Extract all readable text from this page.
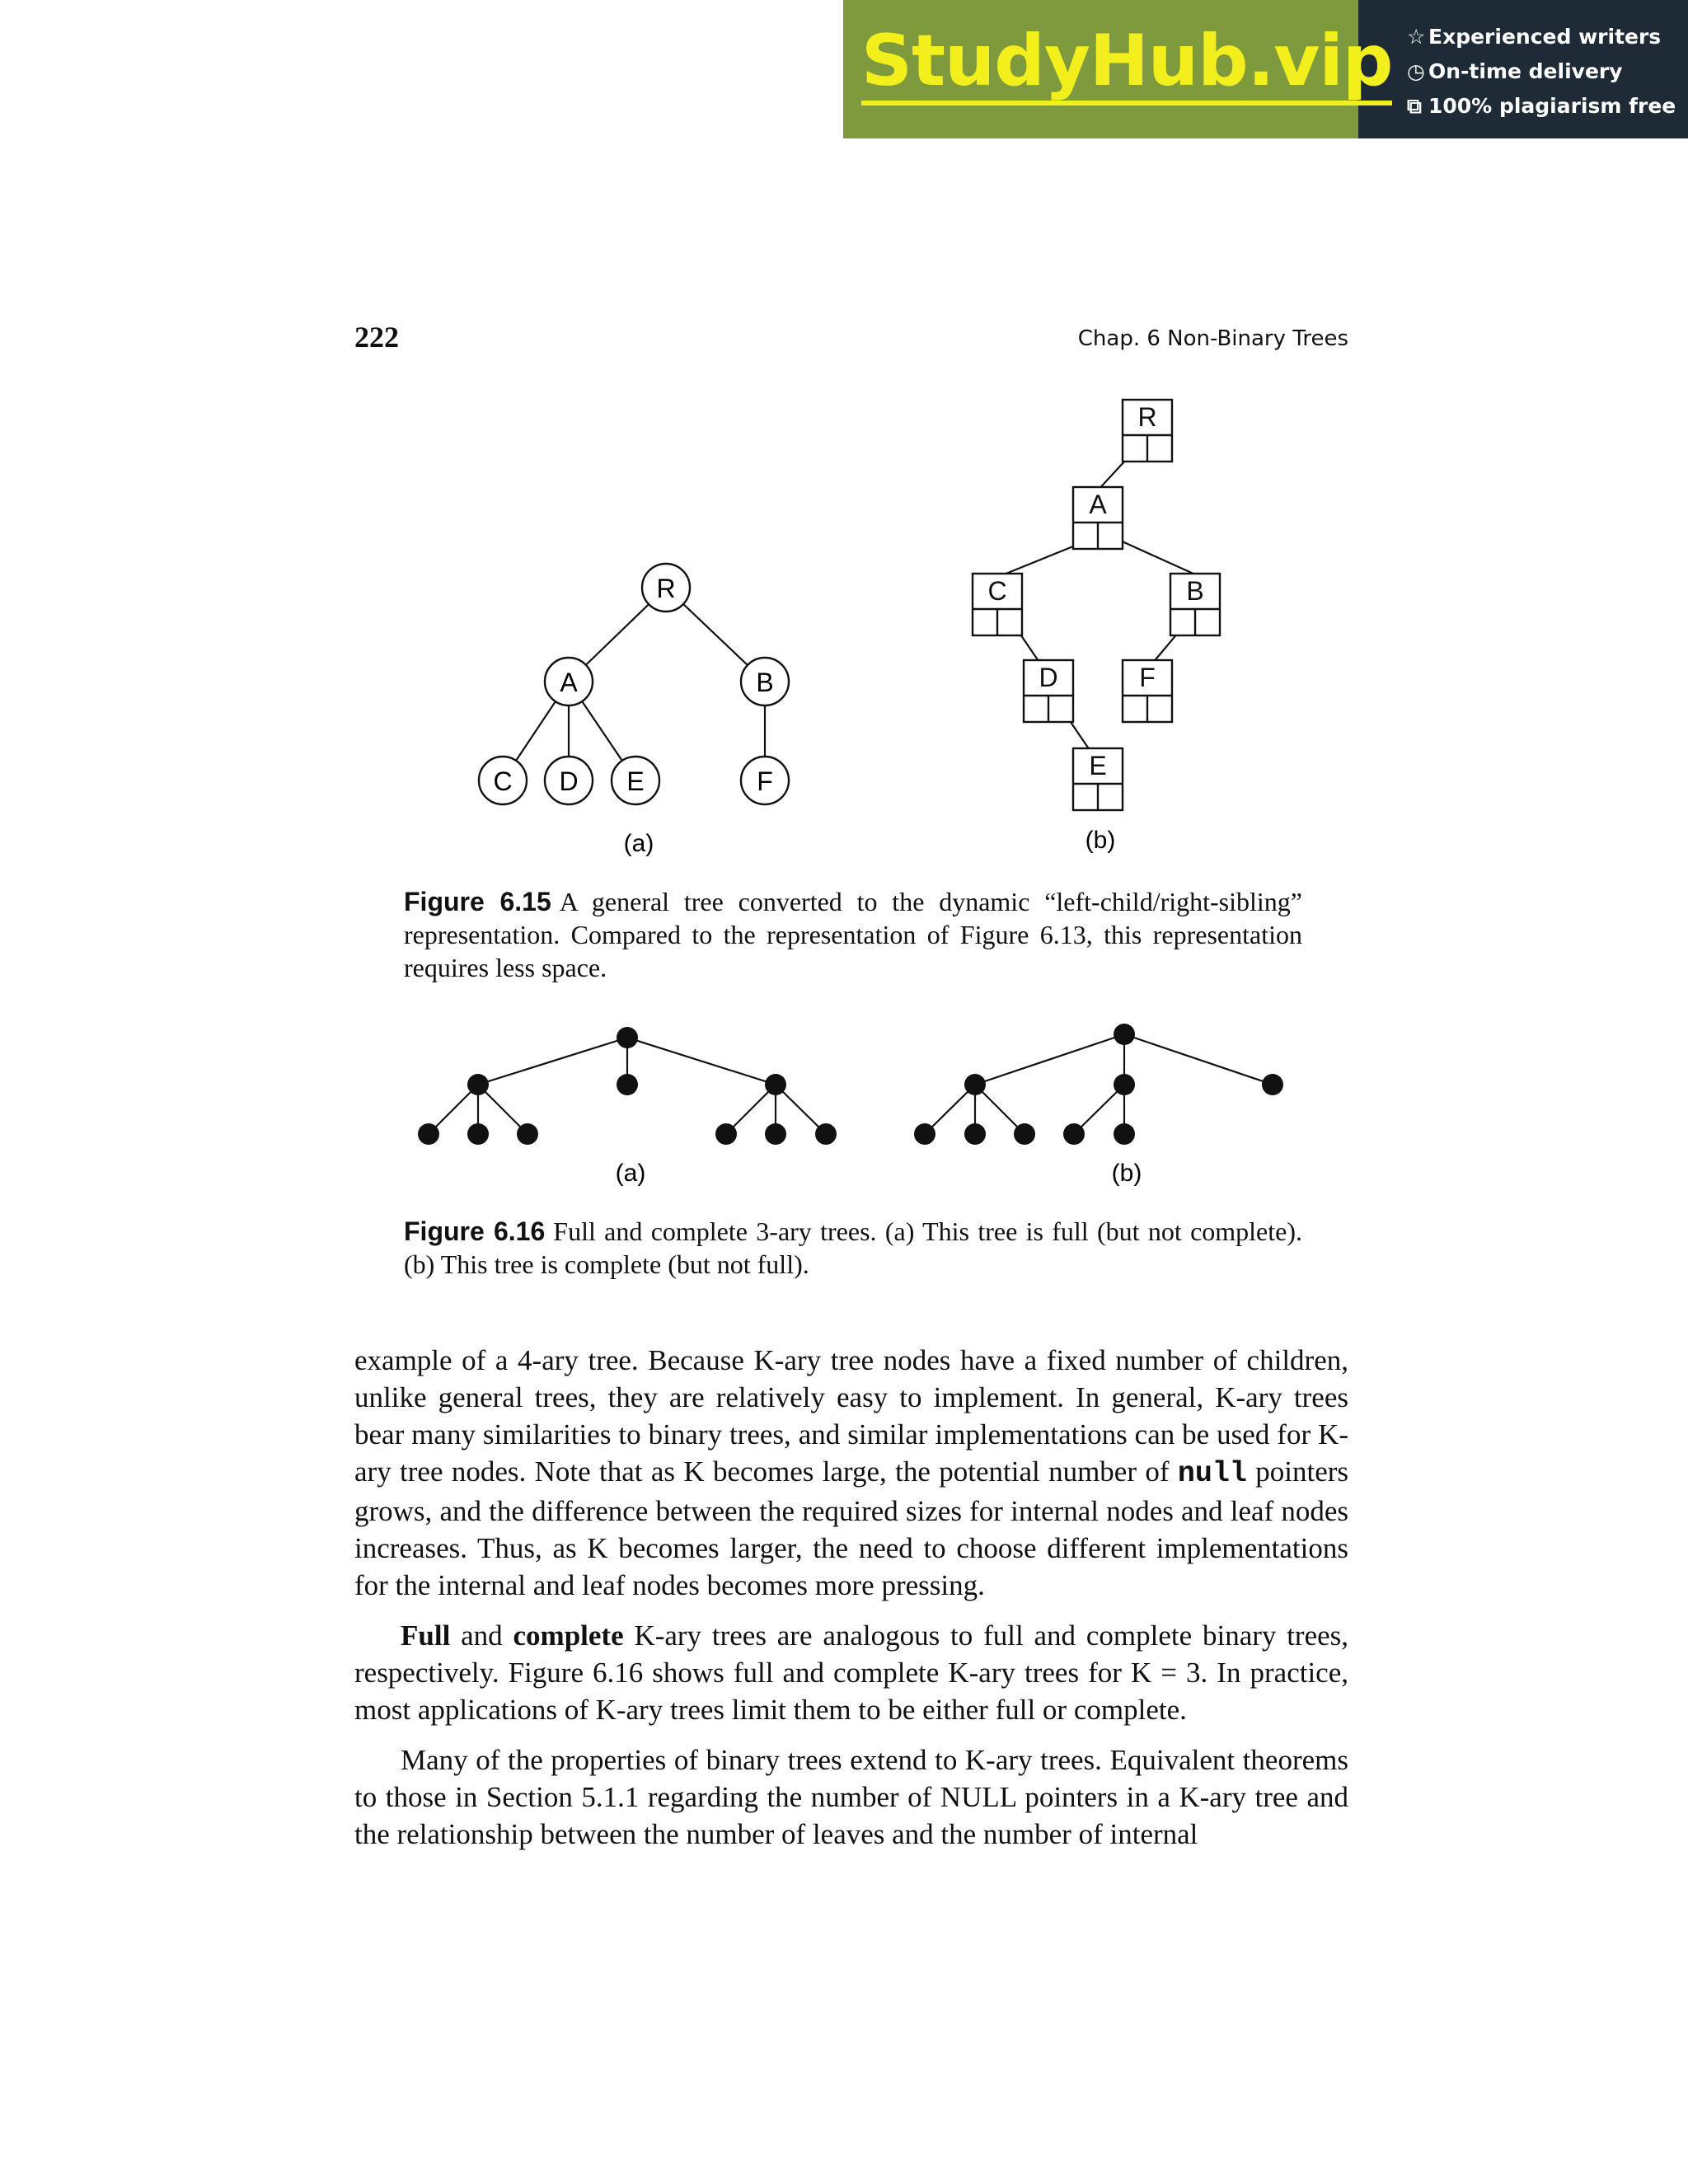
StudyHub.vip ☆ Experienced writers
◷ On-time delivery
⧉ 100% plagiarism free
222	Chap. 6 Non-Binary Trees
R
A	B
C D E	F
(a)
R
A
C	B
D	F
E
(b)
(a)	(b)
Figure 6.15 A general tree converted to the dynamic “left-child/right-sibling” representation. Compared to the representation of Figure 6.13, this representation requires less space.
Figure 6.16 Full and complete 3-ary trees. (a) This tree is full (but not complete). (b) This tree is complete (but not full).

example of a 4-ary tree. Because K-ary tree nodes have a fixed number of children, unlike general trees, they are relatively easy to implement. In general, K-ary trees bear many similarities to binary trees, and similar implementations can be used for K-ary tree nodes. Note that as K becomes large, the potential number of null pointers grows, and the difference between the required sizes for internal nodes and leaf nodes increases. Thus, as K becomes larger, the need to choose different implementations for the internal and leaf nodes becomes more pressing.

Full and complete K-ary trees are analogous to full and complete binary trees, respectively. Figure 6.16 shows full and complete K-ary trees for K = 3. In practice, most applications of K-ary trees limit them to be either full or complete.

Many of the properties of binary trees extend to K-ary trees. Equivalent theorems to those in Section 5.1.1 regarding the number of NULL pointers in a K-ary tree and the relationship between the number of leaves and the number of internal
